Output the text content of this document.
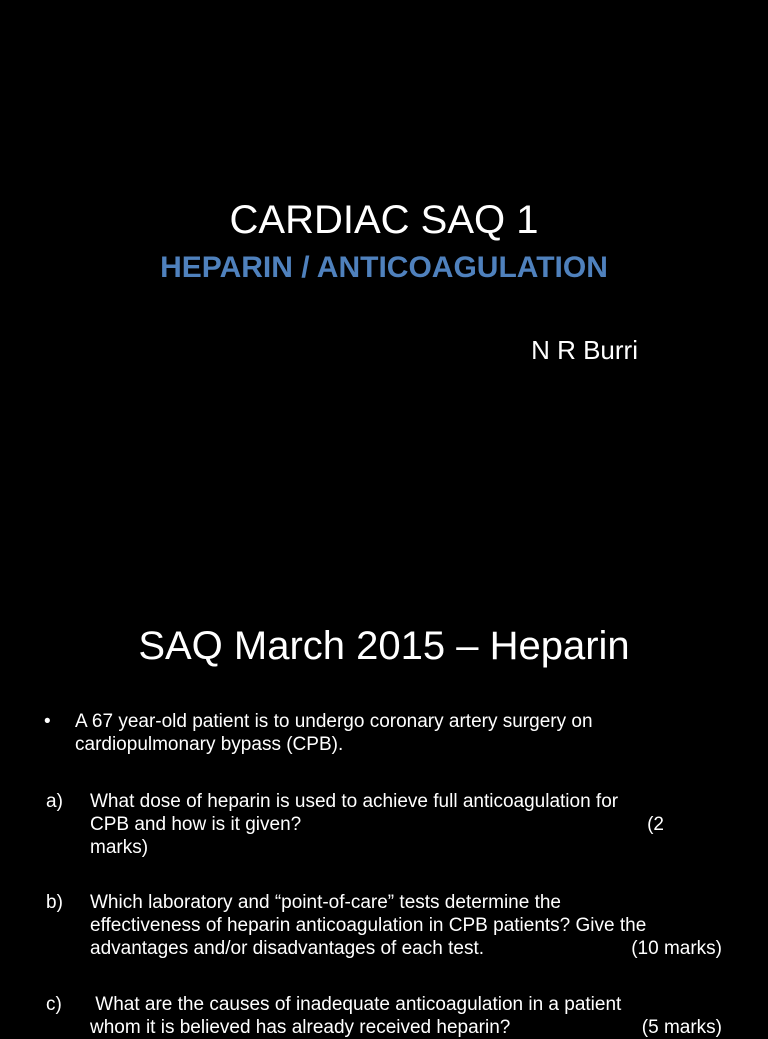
CARDIAC SAQ 1
HEPARIN / ANTICOAGULATION
N R Burri
SAQ March 2015 – Heparin
• A 67 year-old patient is to undergo coronary artery surgery on
cardiopulmonary bypass (CPB).
a) What dose of heparin is used to achieve full anticoagulation for
CPB and how is it given?	(2
marks)
b) Which laboratory and “point-of-care” tests determine the
effectiveness of heparin anticoagulation in CPB patients? Give the
advantages and/or disadvantages of each test.	(10 marks)
c) What are the causes of inadequate anticoagulation in a patient
whom it is believed has already received heparin?	(5 marks)
